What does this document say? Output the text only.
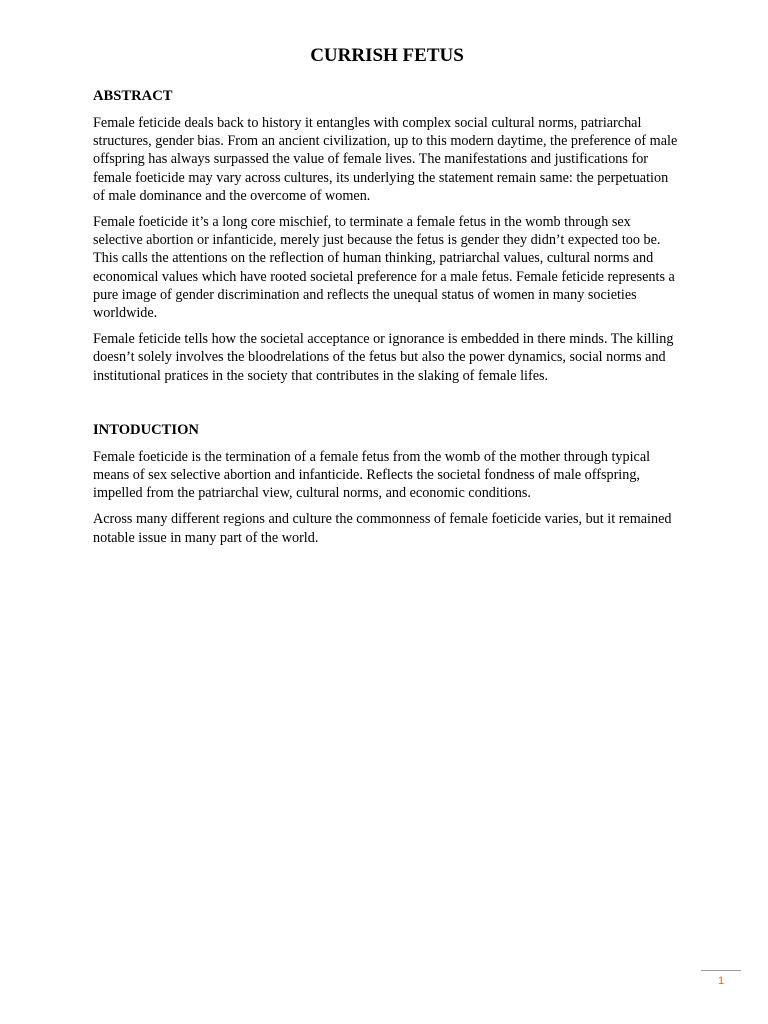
CURRISH FETUS
ABSTRACT

Female feticide deals back to history it entangles with complex social cultural norms, patriarchal structures, gender bias. From an ancient civilization, up to this modern daytime, the preference of male offspring has always surpassed the value of female lives. The manifestations and justifications for female foeticide may vary across cultures, its underlying the statement remain same: the perpetuation of male dominance and the overcome of women.

Female foeticide it’s a long core mischief, to terminate a female fetus in the womb through sex selective abortion or infanticide, merely just because the fetus is gender they didn’t expected too be. This calls the attentions on the reflection of human thinking, patriarchal values, cultural norms and economical values which have rooted societal preference for a male fetus. Female feticide represents a pure image of gender discrimination and reflects the unequal status of women in many societies worldwide.

Female feticide tells how the societal acceptance or ignorance is embedded in there minds. The killing doesn’t solely involves the bloodrelations of the fetus but also the power dynamics, social norms and institutional pratices in the society that contributes in the slaking of female lifes.

INTODUCTION

Female foeticide is the termination of a female fetus from the womb of the mother through typical means of sex selective abortion and infanticide. Reflects the societal fondness of male offspring, impelled from the patriarchal view, cultural norms, and economic conditions.

Across many different regions and culture the commonness of female foeticide varies, but it remained notable issue in many part of the world.

1
